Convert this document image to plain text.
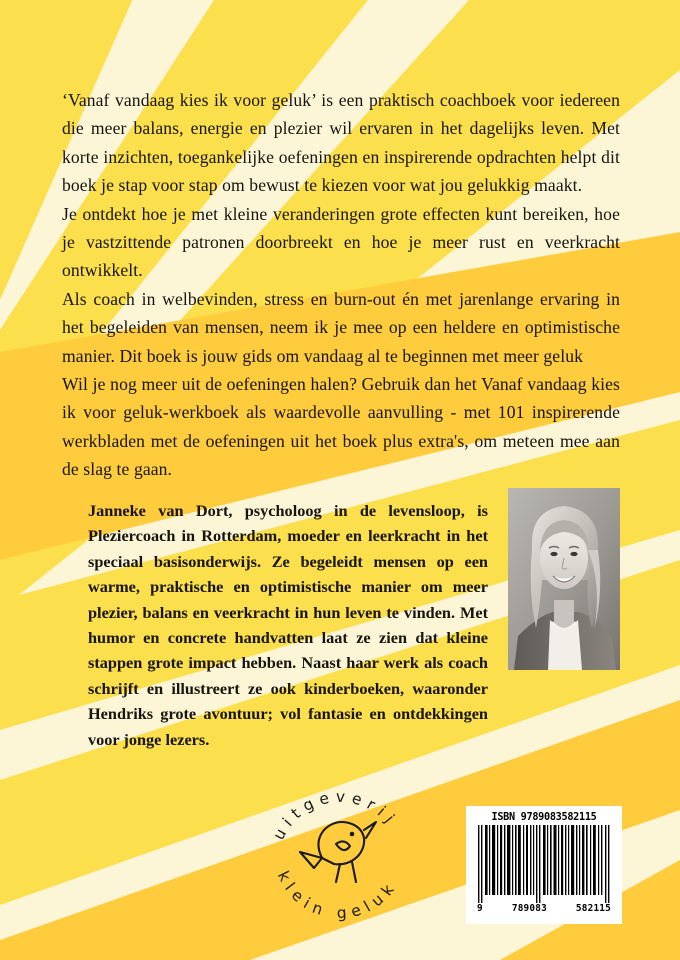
‘Vanaf vandaag kies ik voor geluk’ is een praktisch coachboek voor iedereen die meer balans, energie en plezier wil ervaren in het dagelijks leven. Met korte inzichten, toegankelijke oefeningen en inspirerende opdrachten helpt dit boek je stap voor stap om bewust te kiezen voor wat jou gelukkig maakt.

Je ontdekt hoe je met kleine veranderingen grote effecten kunt bereiken, hoe je vastzittende patronen doorbreekt en hoe je meer rust en veerkracht ontwikkelt.

Als coach in welbevinden, stress en burn-out én met jarenlange ervaring in het begeleiden van mensen, neem ik je mee op een heldere en optimistische manier. Dit boek is jouw gids om vandaag al te beginnen met meer geluk

Wil je nog meer uit de oefeningen halen? Gebruik dan het Vanaf vandaag kies ik voor geluk-werkboek als waardevolle aanvulling - met 101 inspirerende werkbladen met de oefeningen uit het boek plus extra's, om meteen mee aan de slag te gaan.

Janneke van Dort, psycholoog in de levensloop, is Pleziercoach in Rotterdam, moeder en leerkracht in het speciaal basisonderwijs. Ze begeleidt mensen op een warme, praktische en optimistische manier om meer plezier, balans en veerkracht in hun leven te vinden. Met humor en concrete handvatten laat ze zien dat kleine stappen grote impact hebben. Naast haar werk als coach schrijft en illustreert ze ook kinderboeken, waaronder Hendriks grote avontuur; vol fantasie en ontdekkingen voor jonge lezers.

uitgeverij
klein geluk
ISBN 9789083582115
9	789083	582115
